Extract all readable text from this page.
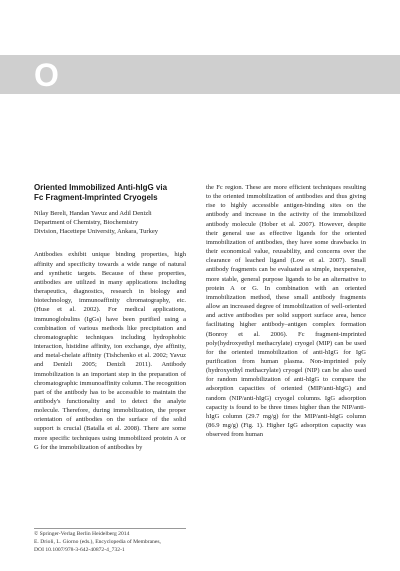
O
Oriented Immobilized Anti-hIgG via
Fc Fragment-Imprinted Cryogels
Nilay Bereli, Handan Yavuz and Adil Denizli
Department of Chemistry, Biochemistry
Division, Hacettepe University, Ankara, Turkey
Antibodies exhibit unique binding properties, high affinity and specificity towards a wide range of natural and synthetic targets. Because of these properties, antibodies are utilized in many applications including therapeutics, diagnostics, research in biology and biotechnology, immunoaffinity chromatography, etc. (Huse et al. 2002). For medical applications, immunoglobulins (IgGs) have been purified using a combination of various methods like precipitation and chromatographic techniques including hydrophobic interaction, histidine affinity, ion exchange, dye affinity, and metal-chelate affinity (Tishchenko et al. 2002; Yavuz and Denizli 2005; Denizli 2011). Antibody immobilization is an important step in the preparation of chromatographic immunoaffinity column. The recognition part of the antibody has to be accessible to maintain the antibody's functionality and to detect the analyte molecule. Therefore, during immobilization, the proper orientation of antibodies on the surface of the solid support is crucial (Batalla et al. 2008). There are some more specific techniques using immobilized protein A or G for the immobilization of antibodies by
the Fc region. These are more efficient techniques resulting to the oriented immobilization of antibodies and thus giving rise to highly accessible antigen-binding sites on the antibody and increase in the activity of the immobilized antibody molecule (Hober et al. 2007). However, despite their general use as effective ligands for the oriented immobilization of antibodies, they have some drawbacks in their economical value, reusability, and concerns over the clearance of leached ligand (Low et al. 2007). Small antibody fragments can be evaluated as simple, inexpensive, more stable, general purpose ligands to be an alternative to protein A or G. In combination with an oriented immobilization method, these small antibody fragments allow an increased degree of immobilization of well-oriented and active antibodies per solid support surface area, hence facilitating higher antibody–antigen complex formation (Bonroy et al. 2006). Fc fragment-imprinted poly(hydroxyethyl methacrylate) cryogel (MIP) can be used for the oriented immobilization of anti-hIgG for IgG purification from human plasma. Non-imprinted poly (hydroxyethyl methacrylate) cryogel (NIP) can be also used for random immobilization of anti-hIgG to compare the adsorption capacities of oriented (MIP/anti-hIgG) and random (NIP/anti-hIgG) cryogel columns. IgG adsorption capacity is found to be three times higher than the NIP/anti-hIgG column (29.7 mg/g) for the MIP/anti-hIgG column (86.9 mg/g) (Fig. 1). Higher IgG adsorption capacity was observed from human
© Springer-Verlag Berlin Heidelberg 2014
E. Drioli, L. Giorno (eds.), Encyclopedia of Membranes,
DOI 10.1007/978-3-642-40872-4_732-1
